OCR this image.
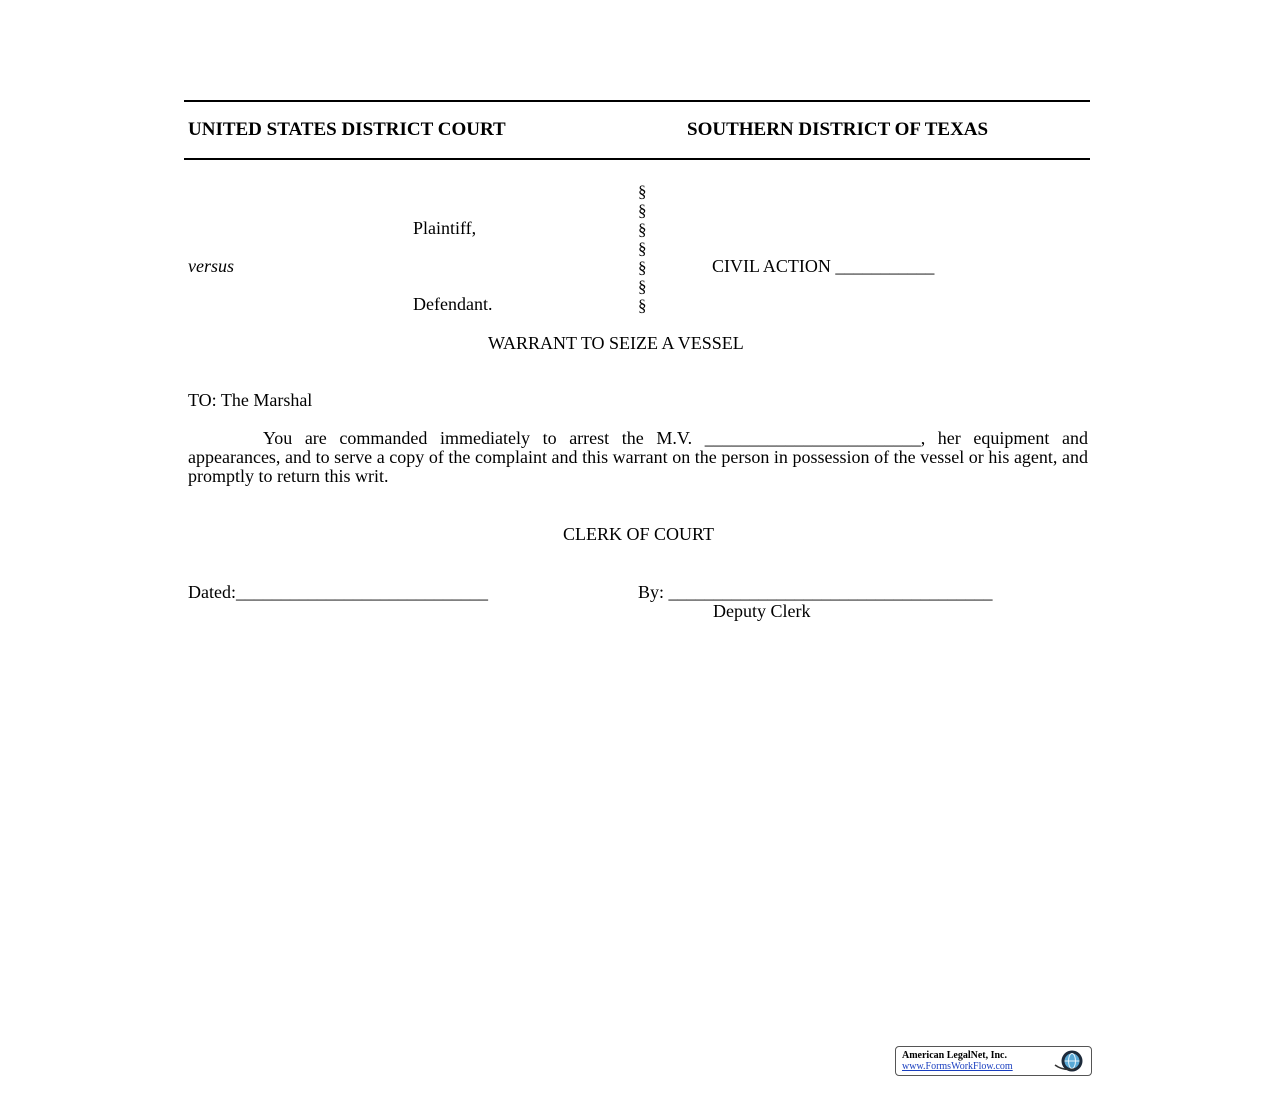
UNITED STATES DISTRICT COURT	SOUTHERN DISTRICT OF TEXAS
Plaintiff,
versus
Defendant.
§
§
§
§
§
§
§
CIVIL ACTION ___________
WARRANT TO SEIZE A VESSEL
TO: The Marshal
You are commanded immediately to arrest the M.V. ________________________, her equipment and appearances, and to serve a copy of the complaint and this warrant on the person in possession of the vessel or his agent, and promptly to return this writ.
CLERK OF COURT
Dated:____________________________	By: ____________________________________
Deputy Clerk
American LegalNet, Inc.
www.FormsWorkFlow.com
